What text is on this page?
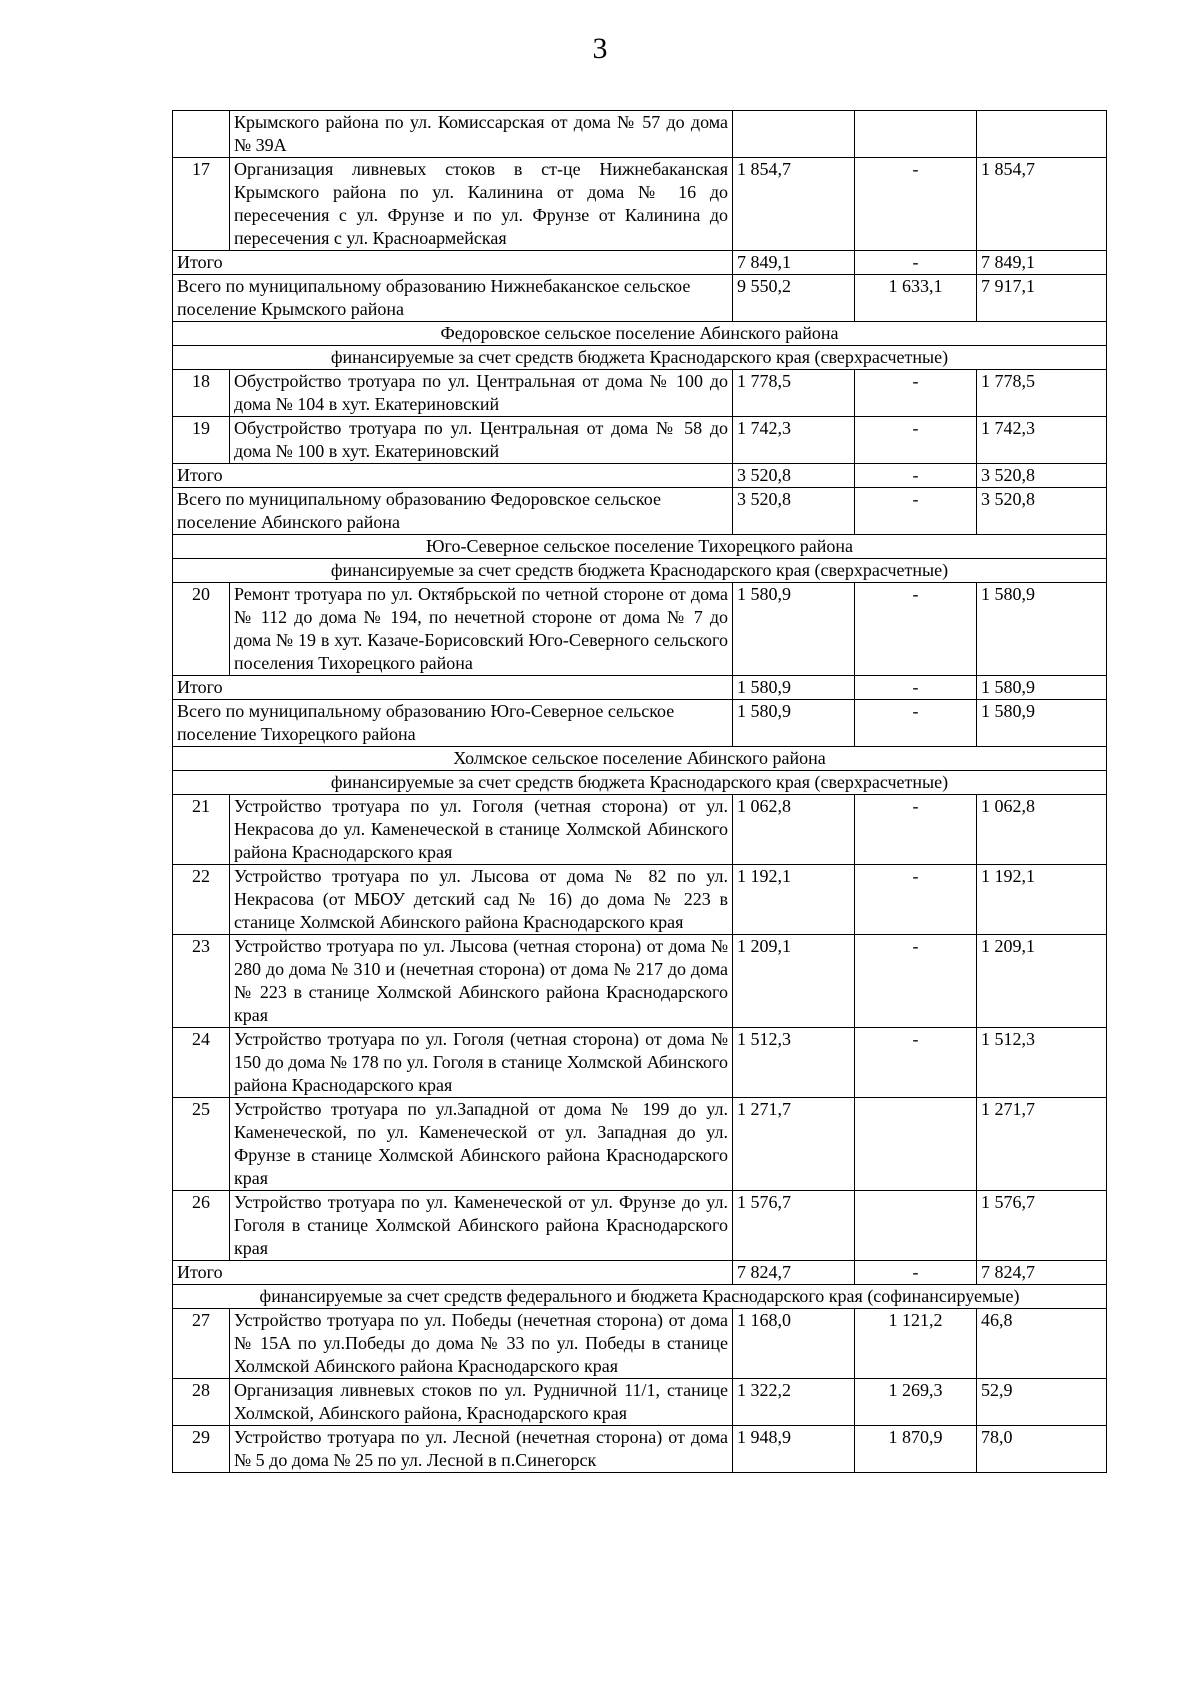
3
	Крымского района по ул. Комиссарская от дома № 57 до дома № 39А			
17	Организация ливневых стоков в ст-це Нижнебаканская Крымского района по ул. Калинина от дома № 16 до пересечения с ул. Фрунзе и по ул. Фрунзе от Калинина до пересечения с ул. Красноармейская	1 854,7	-	1 854,7
Итого		7 849,1	-	7 849,1
Всего по муниципальному образованию Нижнебаканское сельское поселение Крымского района		9 550,2	1 633,1	7 917,1
Федоровское сельское поселение Абинского района				
финансируемые за счет средств бюджета Краснодарского края (сверхрасчетные)				
18	Обустройство тротуара по ул. Центральная от дома № 100 до дома № 104 в хут. Екатериновский	1 778,5	-	1 778,5
19	Обустройство тротуара по ул. Центральная от дома № 58 до дома № 100 в хут. Екатериновский	1 742,3	-	1 742,3
Итого		3 520,8	-	3 520,8
Всего по муниципальному образованию Федоровское сельское поселение Абинского района		3 520,8	-	3 520,8
Юго-Северное сельское поселение Тихорецкого района				
финансируемые за счет средств бюджета Краснодарского края (сверхрасчетные)				
20	Ремонт тротуара по ул. Октябрьской по четной стороне от дома № 112 до дома № 194, по нечетной стороне от дома № 7 до дома № 19 в хут. Казаче-Борисовский Юго-Северного сельского поселения Тихорецкого района	1 580,9	-	1 580,9
Итого		1 580,9	-	1 580,9
Всего по муниципальному образованию Юго-Северное сельское поселение Тихорецкого района		1 580,9	-	1 580,9
Холмское сельское поселение Абинского района				
финансируемые за счет средств бюджета Краснодарского края (сверхрасчетные)				
21	Устройство тротуара по ул. Гоголя (четная сторона) от ул. Некрасова до ул. Каменеческой в станице Холмской Абинского района Краснодарского края	1 062,8	-	1 062,8
22	Устройство тротуара по ул. Лысова от дома № 82 по ул. Некрасова (от МБОУ детский сад № 16) до дома № 223 в станице Холмской Абинского района Краснодарского края	1 192,1	-	1 192,1
23	Устройство тротуара по ул. Лысова (четная сторона) от дома № 280 до дома № 310 и (нечетная сторона) от дома № 217 до дома № 223 в станице Холмской Абинского района Краснодарского края	1 209,1	-	1 209,1
24	Устройство тротуара по ул. Гоголя (четная сторона) от дома № 150 до дома № 178 по ул. Гоголя в станице Холмской Абинского района Краснодарского края	1 512,3	-	1 512,3
25	Устройство тротуара по ул.Западной от дома № 199 до ул. Каменеческой, по ул. Каменеческой от ул. Западная до ул. Фрунзе в станице Холмской Абинского района Краснодарского края	1 271,7		1 271,7
26	Устройство тротуара по ул. Каменеческой от ул. Фрунзе до ул. Гоголя в станице Холмской Абинского района Краснодарского края	1 576,7		1 576,7
Итого		7 824,7	-	7 824,7
финансируемые за счет средств федерального и бюджета Краснодарского края (софинансируемые)				
27	Устройство тротуара по ул. Победы (нечетная сторона) от дома № 15А по ул.Победы до дома № 33 по ул. Победы в станице Холмской Абинского района Краснодарского края	1 168,0	1 121,2	46,8
28	Организация ливневых стоков по ул. Рудничной 11/1, станице Холмской, Абинского района, Краснодарского края	1 322,2	1 269,3	52,9
29	Устройство тротуара по ул. Лесной (нечетная сторона) от дома № 5 до дома № 25 по ул. Лесной в п.Синегорск	1 948,9	1 870,9	78,0
